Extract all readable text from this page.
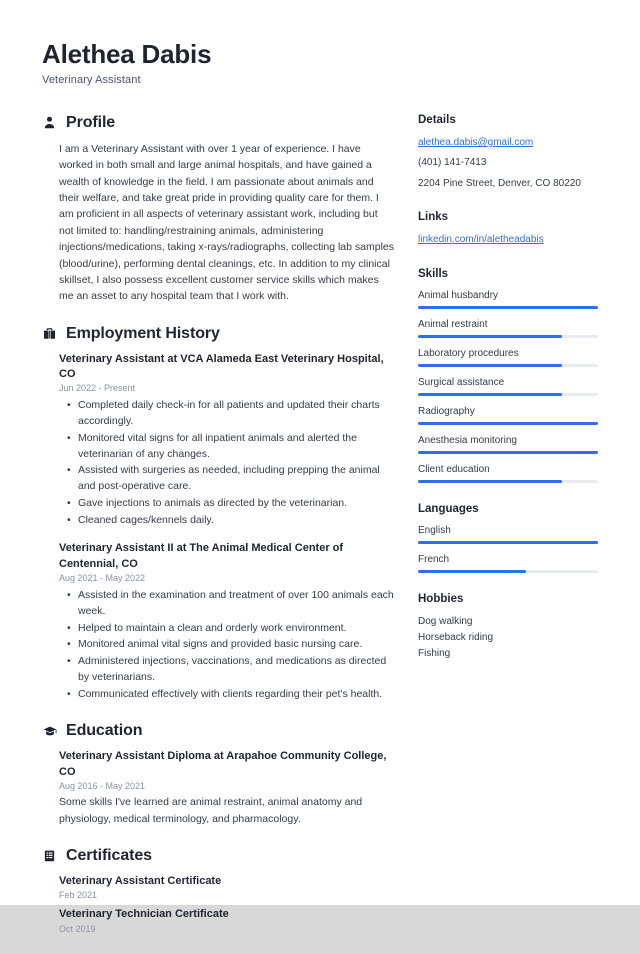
Alethea Dabis

Veterinary Assistant

Profile

I am a Veterinary Assistant with over 1 year of experience. I have worked in both small and large animal hospitals, and have gained a wealth of knowledge in the field. I am passionate about animals and their welfare, and take great pride in providing quality care for them. I am proficient in all aspects of veterinary assistant work, including but not limited to: handling/restraining animals, administering injections/medications, taking x-rays/radiographs, collecting lab samples (blood/urine), performing dental cleanings, etc. In addition to my clinical skillset, I also possess excellent customer service skills which makes me an asset to any hospital team that I work with.

Employment History

Veterinary Assistant at VCA Alameda East Veterinary Hospital, CO

Jun 2022 - Present

• Completed daily check-in for all patients and updated their charts accordingly.
• Monitored vital signs for all inpatient animals and alerted the veterinarian of any changes.
• Assisted with surgeries as needed, including prepping the animal and post-operative care.
• Gave injections to animals as directed by the veterinarian.
• Cleaned cages/kennels daily.

Veterinary Assistant II at The Animal Medical Center of Centennial, CO

Aug 2021 - May 2022

• Assisted in the examination and treatment of over 100 animals each week.
• Helped to maintain a clean and orderly work environment.
• Monitored animal vital signs and provided basic nursing care.
• Administered injections, vaccinations, and medications as directed by veterinarians.
• Communicated effectively with clients regarding their pet's health.
Education

Veterinary Assistant Diploma at Arapahoe Community College, CO

Aug 2016 - May 2021

Some skills I've learned are animal restraint, animal anatomy and physiology, medical terminology, and pharmacology.

Certificates

Veterinary Assistant Certificate

Feb 2021

Veterinary Technician Certificate

Oct 2019

Details

alethea.dabis@gmail.com
(401) 141-7413
2204 Pine Street, Denver, CO 80220

Links

linkedin.com/in/aletheadabis

Skills

Animal husbandry
Animal restraint
Laboratory procedures
Surgical assistance
Radiography
Anesthesia monitoring
Client education

Languages

English
French

Hobbies

Dog walking
Horseback riding
Fishing
